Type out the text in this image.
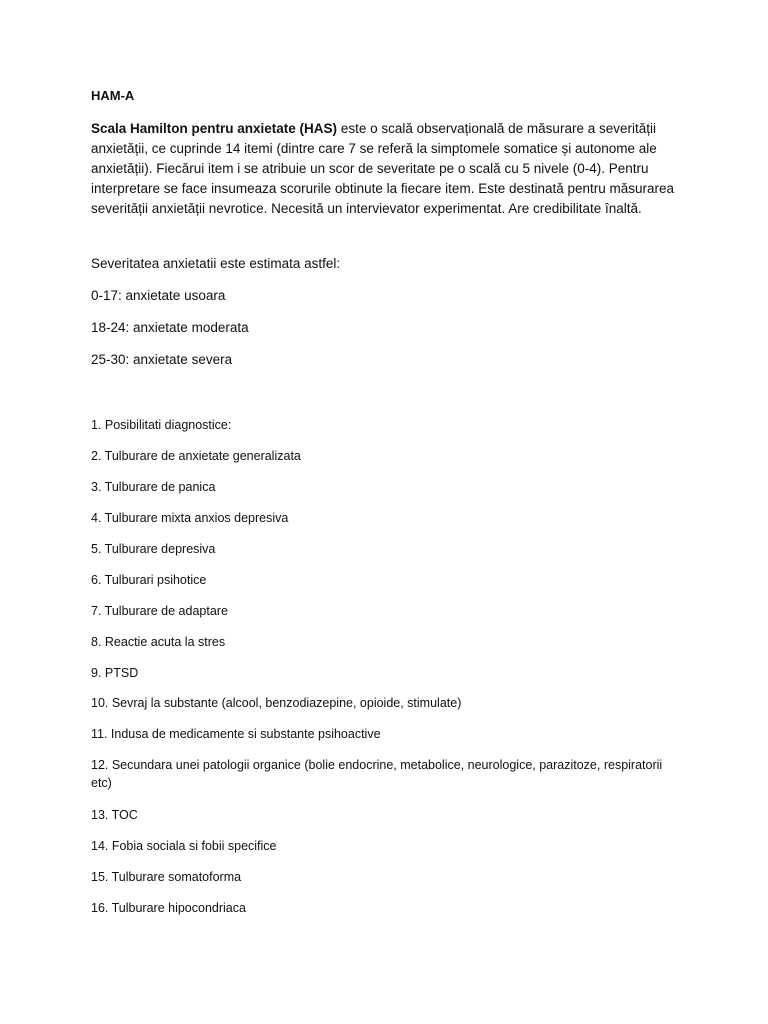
HAM-A
Scala Hamilton pentru anxietate (HAS) este o scală observațională de măsurare a severității anxietății, ce cuprinde 14 itemi (dintre care 7 se referă la simptomele somatice și autonome ale anxietății). Fiecărui item i se atribuie un scor de severitate pe o scală cu 5 nivele (0-4). Pentru interpretare se face insumeaza scorurile obtinute la fiecare item. Este destinată pentru măsurarea severității anxietății nevrotice. Necesită un intervievator experimentat. Are credibilitate înaltă.
Severitatea anxietatii este estimata astfel:
0-17: anxietate usoara
18-24: anxietate moderata
25-30: anxietate severa
1. Posibilitati diagnostice:
2. Tulburare de anxietate generalizata
3. Tulburare de panica
4. Tulburare mixta anxios depresiva
5. Tulburare depresiva
6. Tulburari psihotice
7. Tulburare de adaptare
8. Reactie acuta la stres
9. PTSD
10. Sevraj la substante (alcool, benzodiazepine, opioide, stimulate)
11. Indusa de medicamente si substante psihoactive
12. Secundara unei patologii organice (bolie endocrine, metabolice, neurologice, parazitoze, respiratorii etc)
13. TOC
14. Fobia sociala si fobii specifice
15. Tulburare somatoforma
16. Tulburare hipocondriaca
